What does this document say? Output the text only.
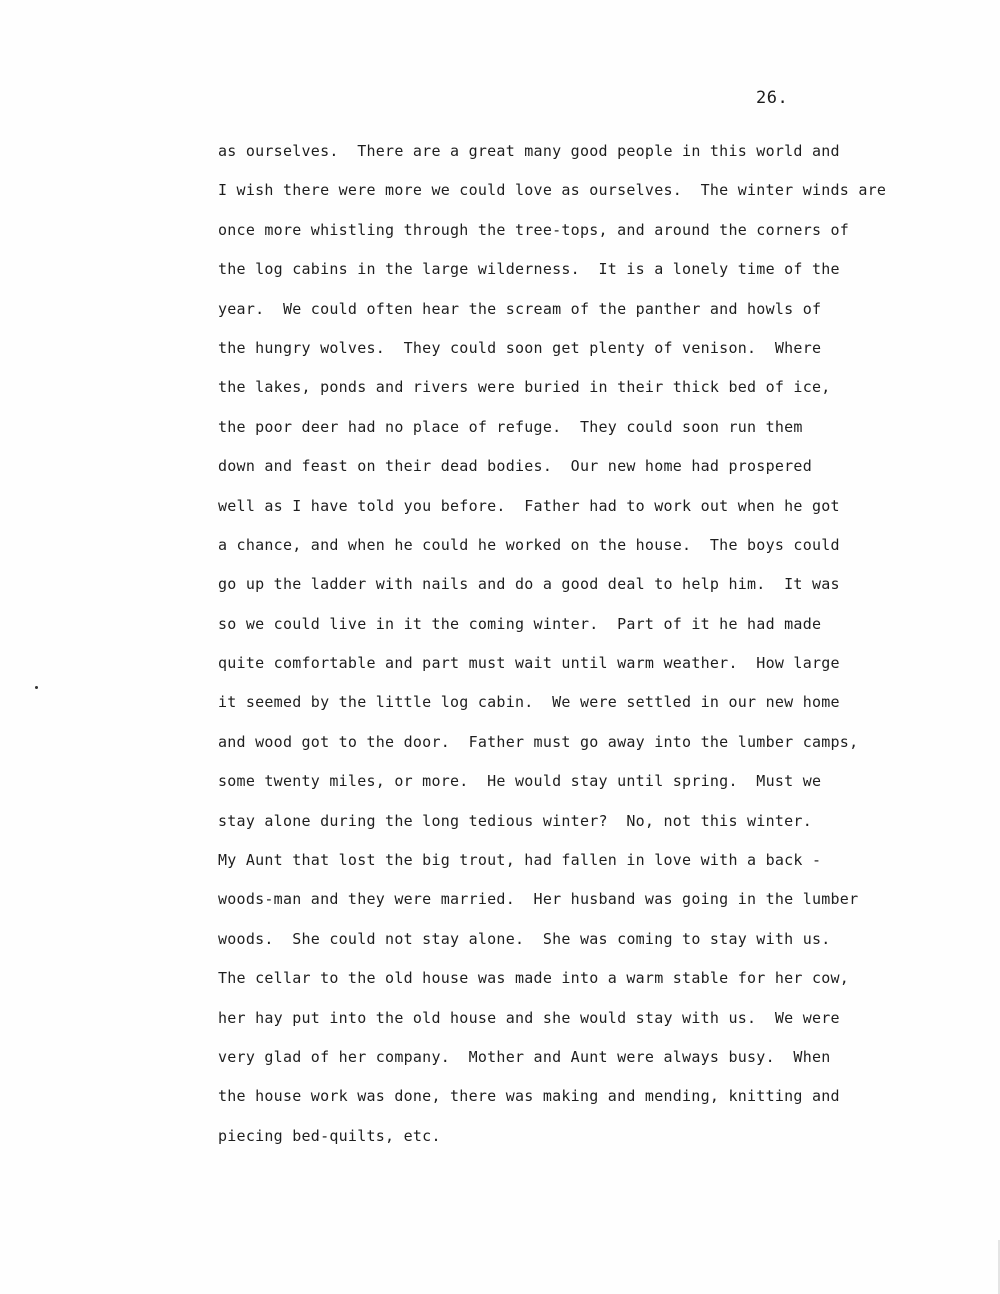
26.
as ourselves.  There are a great many good people in this world and
I wish there were more we could love as ourselves.  The winter winds are
once more whistling through the tree-tops, and around the corners of
the log cabins in the large wilderness.  It is a lonely time of the
year.  We could often hear the scream of the panther and howls of
the hungry wolves.  They could soon get plenty of venison.  Where
the lakes, ponds and rivers were buried in their thick bed of ice,
the poor deer had no place of refuge.  They could soon run them
down and feast on their dead bodies.  Our new home had prospered
well as I have told you before.  Father had to work out when he got
a chance, and when he could he worked on the house.  The boys could
go up the ladder with nails and do a good deal to help him.  It was
so we could live in it the coming winter.  Part of it he had made
quite comfortable and part must wait until warm weather.  How large
it seemed by the little log cabin.  We were settled in our new home
and wood got to the door.  Father must go away into the lumber camps,
some twenty miles, or more.  He would stay until spring.  Must we
stay alone during the long tedious winter?  No, not this winter.
My Aunt that lost the big trout, had fallen in love with a back -
woods-man and they were married.  Her husband was going in the lumber
woods.  She could not stay alone.  She was coming to stay with us.
The cellar to the old house was made into a warm stable for her cow,
her hay put into the old house and she would stay with us.  We were
very glad of her company.  Mother and Aunt were always busy.  When
the house work was done, there was making and mending, knitting and
piecing bed-quilts, etc.
